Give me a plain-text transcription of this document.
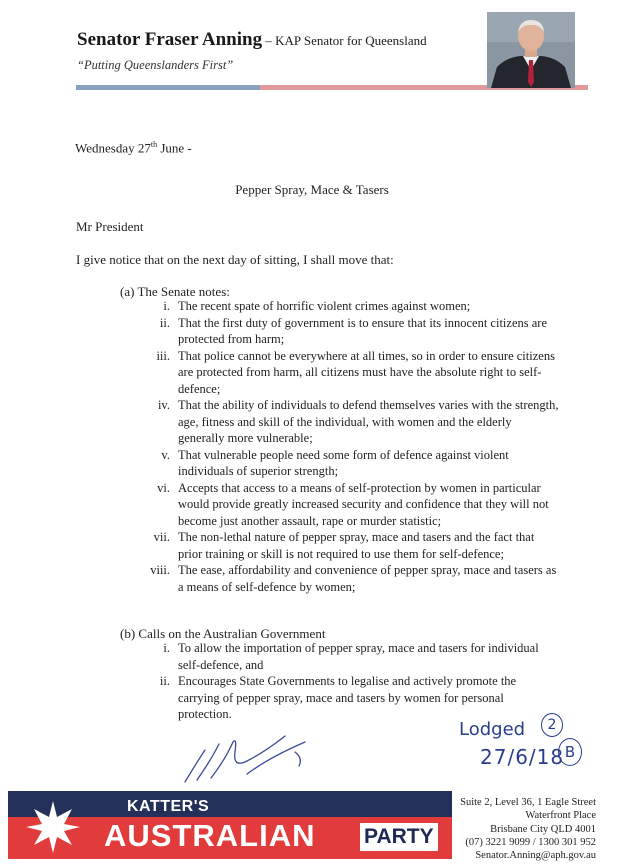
Senator Fraser Anning – KAP Senator for Queensland
“Putting Queenslanders First”
Wednesday 27th June -
Pepper Spray, Mace & Tasers
Mr President
I give notice that on the next day of sitting, I shall move that:
(a) The Senate notes:
i. The recent spate of horrific violent crimes against women;
ii. That the first duty of government is to ensure that its innocent citizens are
protected from harm;
iii. That police cannot be everywhere at all times, so in order to ensure citizens
are protected from harm, all citizens must have the absolute right to self-
defence;
iv. That the ability of individuals to defend themselves varies with the strength,
age, fitness and skill of the individual, with women and the elderly
generally more vulnerable;
v. That vulnerable people need some form of defence against violent
individuals of superior strength;
vi. Accepts that access to a means of self-protection by women in particular
would provide greatly increased security and confidence that they will not
become just another assault, rape or murder statistic;
vii. The non-lethal nature of pepper spray, mace and tasers and the fact that
prior training or skill is not required to use them for self-defence;
viii. The ease, affordability and convenience of pepper spray, mace and tasers as
a means of self-defence by women;
(b) Calls on the Australian Government
i. To allow the importation of pepper spray, mace and tasers for individual
self-defence, and
ii. Encourages State Governments to legalise and actively promote the
carrying of pepper spray, mace and tasers by women for personal
protection.
Lodged	2
27/6/18 B
KATTER'S
AUSTRALIAN PARTY
Suite 2, Level 36, 1 Eagle Street
Waterfront Place
Brisbane City QLD 4001
(07) 3221 9099 / 1300 301 952
Senator.Anning@aph.gov.au
